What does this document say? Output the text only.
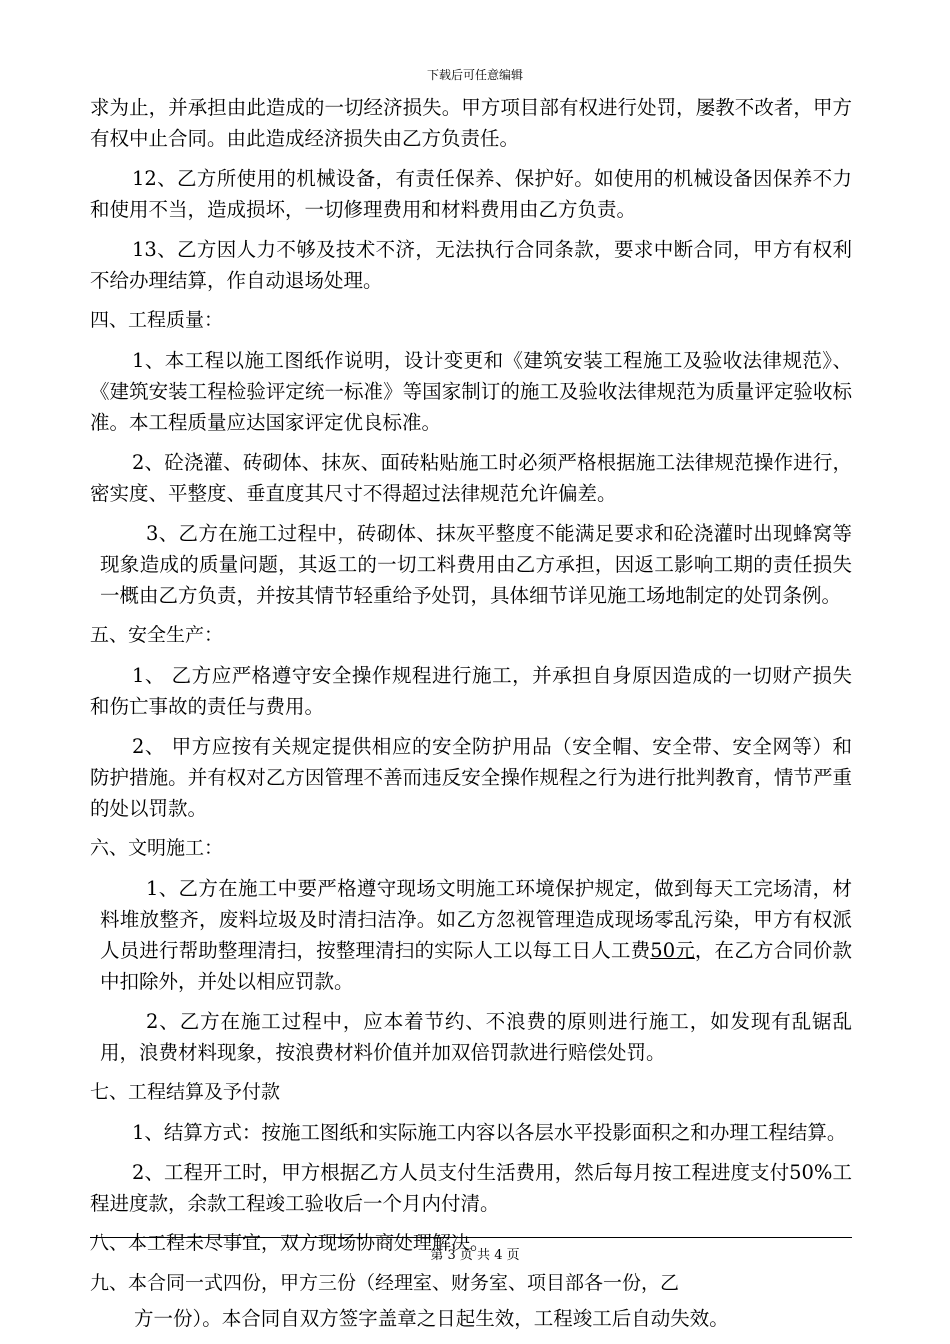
下载后可任意编辑

求为止，并承担由此造成的一切经济损失。甲方项目部有权进行处罚，屡教不改者，甲方有权中止合同。由此造成经济损失由乙方负责任。

12、乙方所使用的机械设备，有责任保养、保护好。如使用的机械设备因保养不力和使用不当，造成损坏，一切修理费用和材料费用由乙方负责。

13、乙方因人力不够及技术不济，无法执行合同条款，要求中断合同，甲方有权利不给办理结算，作自动退场处理。

四、工程质量：

1、本工程以施工图纸作说明，设计变更和《建筑安装工程施工及验收法律规范》、《建筑安装工程检验评定统一标准》等国家制订的施工及验收法律规范为质量评定验收标准。本工程质量应达国家评定优良标准。

2、砼浇灌、砖砌体、抹灰、面砖粘贴施工时必须严格根据施工法律规范操作进行，密实度、平整度、垂直度其尺寸不得超过法律规范允许偏差。

3、乙方在施工过程中，砖砌体、抹灰平整度不能满足要求和砼浇灌时出现蜂窝等现象造成的质量问题，其返工的一切工料费用由乙方承担，因返工影响工期的责任损失一概由乙方负责，并按其情节轻重给予处罚，具体细节详见施工场地制定的处罚条例。

五、安全生产：

1、 乙方应严格遵守安全操作规程进行施工，并承担自身原因造成的一切财产损失和伤亡事故的责任与费用。

2、 甲方应按有关规定提供相应的安全防护用品（安全帽、安全带、安全网等）和防护措施。并有权对乙方因管理不善而违反安全操作规程之行为进行批判教育，情节严重的处以罚款。

六、文明施工：

1、乙方在施工中要严格遵守现场文明施工环境保护规定，做到每天工完场清，材料堆放整齐，废料垃圾及时清扫洁净。如乙方忽视管理造成现场零乱污染，甲方有权派人员进行帮助整理清扫，按整理清扫的实际人工以每工日人工费50元，在乙方合同价款中扣除外，并处以相应罚款。

2、乙方在施工过程中，应本着节约、不浪费的原则进行施工，如发现有乱锯乱用，浪费材料现象，按浪费材料价值并加双倍罚款进行赔偿处罚。

七、工程结算及予付款

1、结算方式：按施工图纸和实际施工内容以各层水平投影面积之和办理工程结算。

2、工程开工时，甲方根据乙方人员支付生活费用，然后每月按工程进度支付50%工程进度款，余款工程竣工验收后一个月内付清。

八、本工程未尽事宜，双方现场协商处理解决。

九、本合同一式四份，甲方三份（经理室、财务室、项目部各一份，乙

方一份）。本合同自双方签字盖章之日起生效，工程竣工后自动失效。

第 3 页 共 4 页
